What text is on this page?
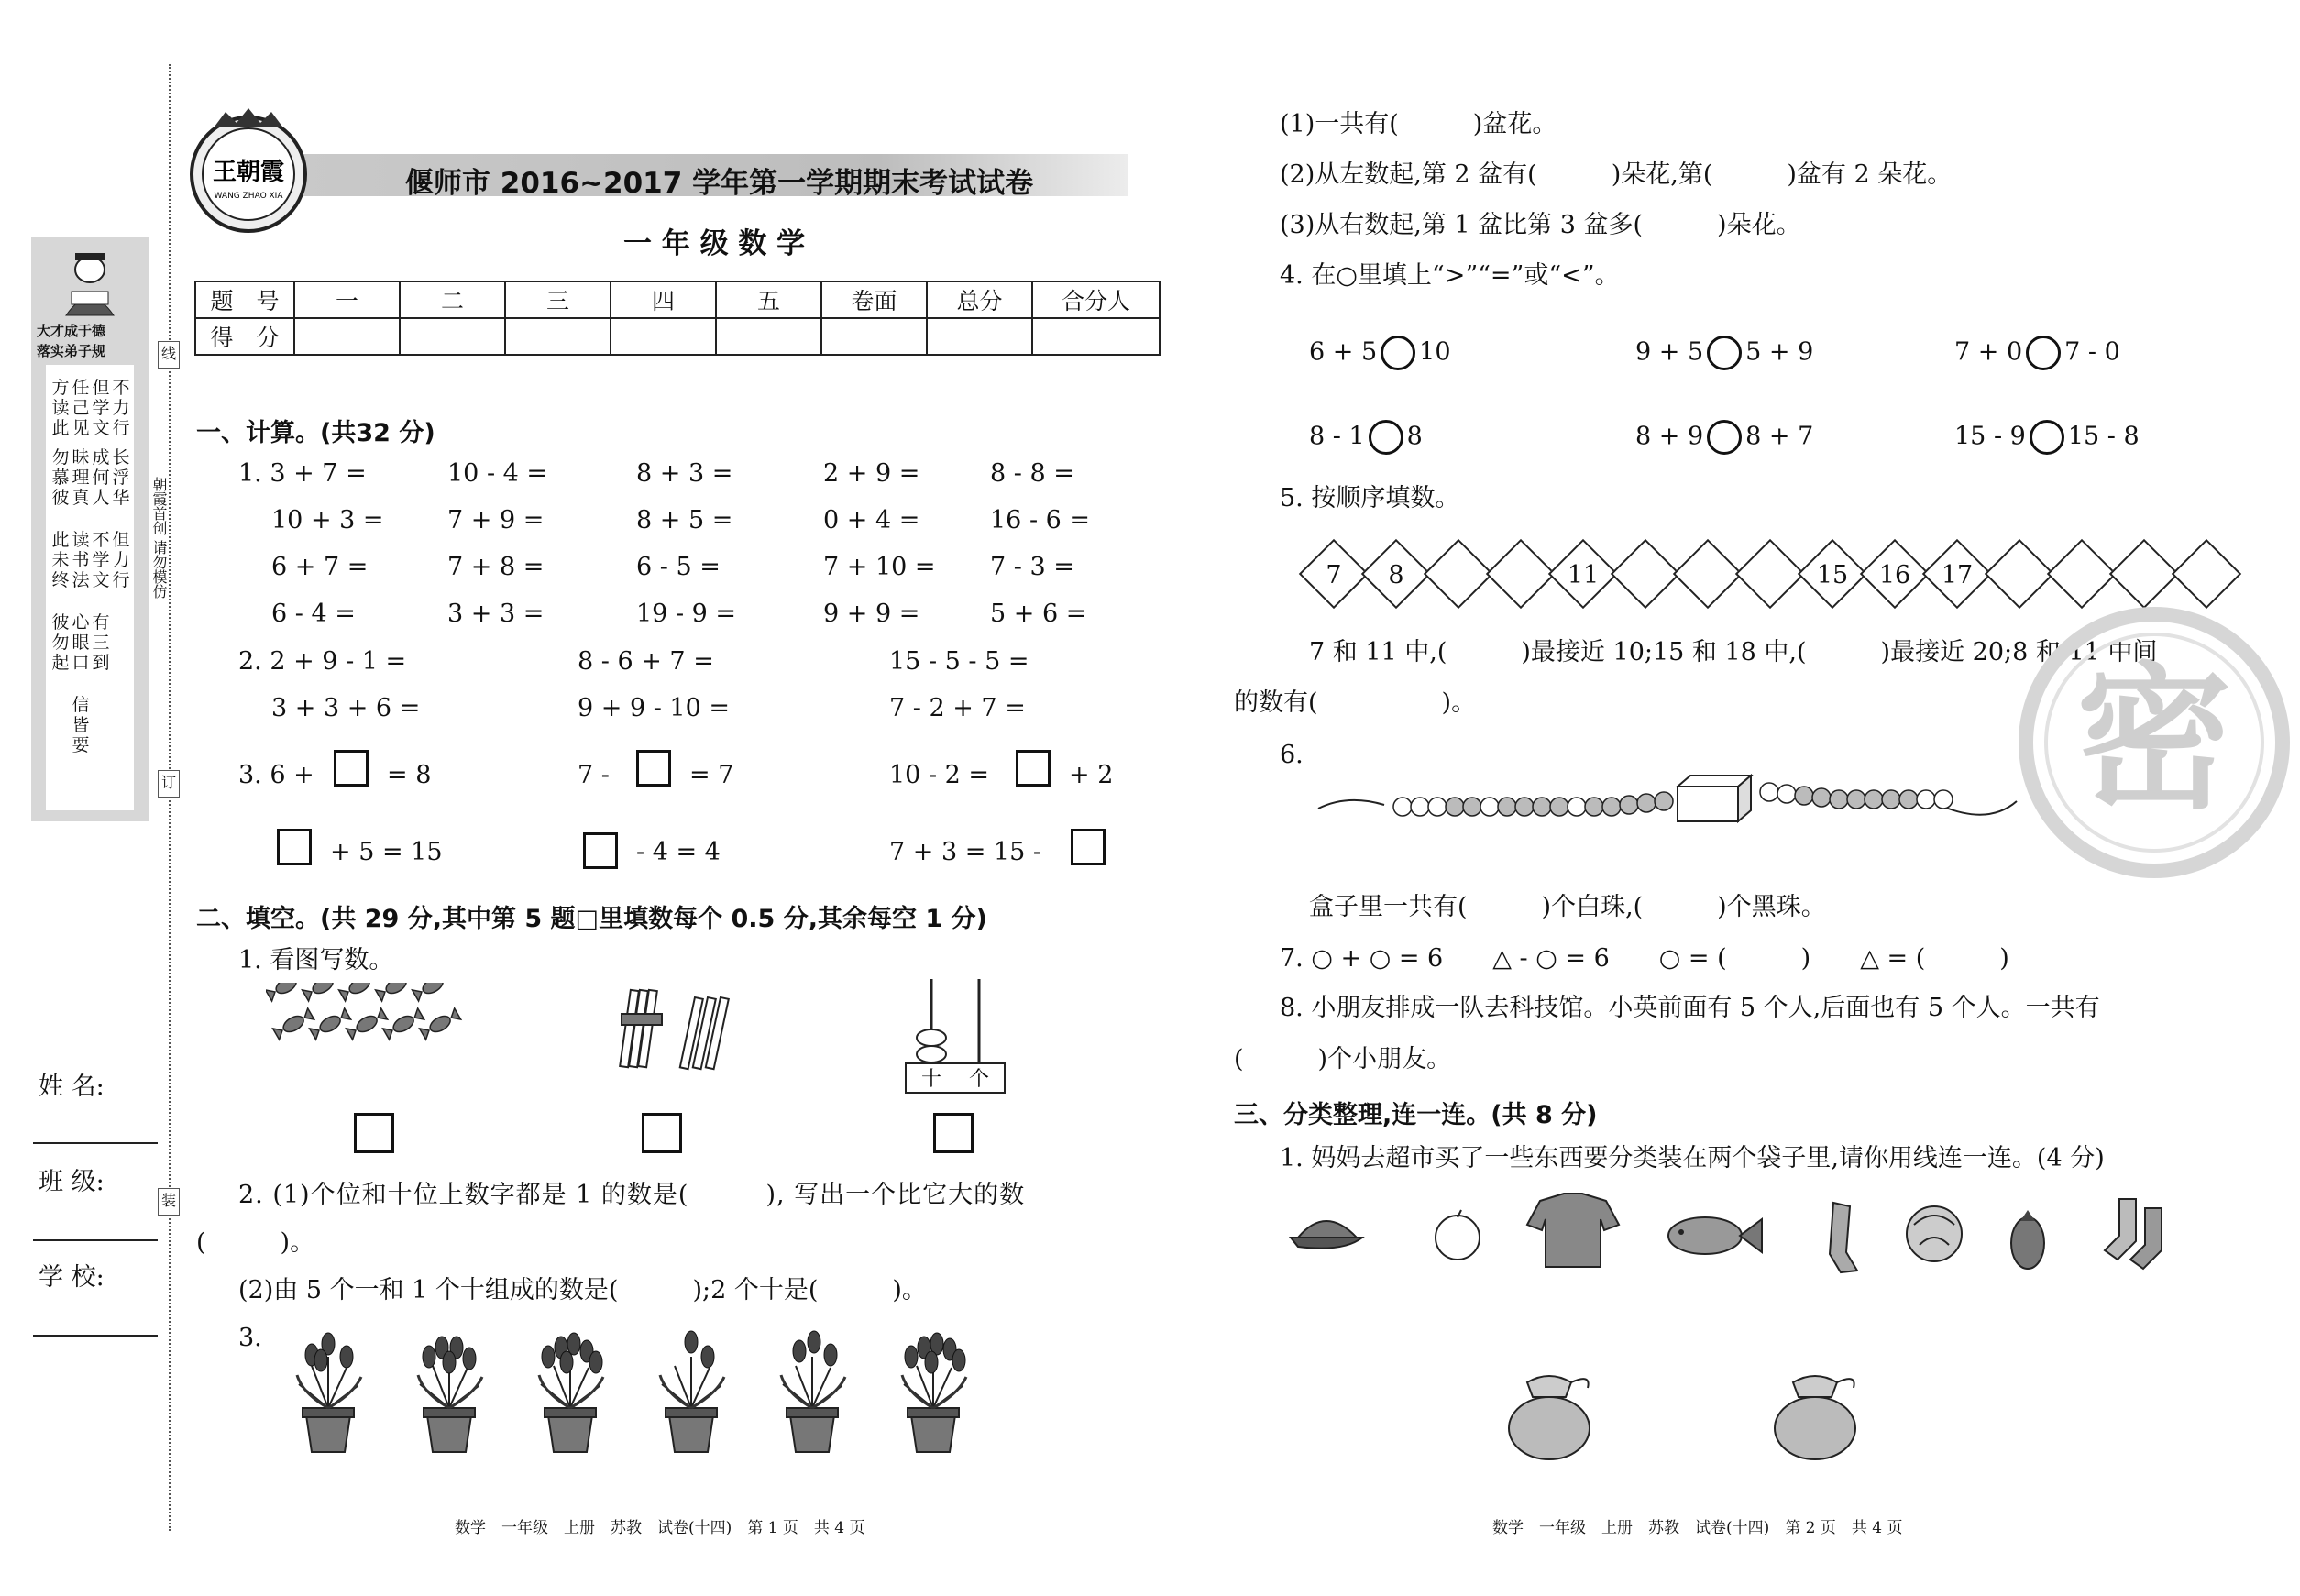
线
订
装
朝霞首创 请勿模仿
大才成于德
落实弟子规
不力行
但学文
长浮华
成何人
但力行
不学文
任己见
昧理真
读书法
有三到
心眼口
信皆要
方读此
勿慕彼
此未终
彼勿起
姓 名:
班 级:
学 校:
王朝霞
WANG ZHAO XIA	偃师市 2016~2017 学年第一学期期末考试试卷
一 年 级 数 学
题　号	一	二	三	四	五	卷面	总分	合分人
得　分								
一、计算。(共32 分)
1. 3 + 7 =	10 - 4 =	8 + 3 =	2 + 9 =	8 - 8 =
10 + 3 =	7 + 9 =	8 + 5 =	0 + 4 =	16 - 6 =
6 + 7 =	7 + 8 =	6 - 5 =	7 + 10 = 7 - 3 =
6 - 4 =	3 + 3 =	19 - 9 =	9 + 9 =	5 + 6 =
2. 2 + 9 - 1 =	8 - 6 + 7 =	15 - 5 - 5 =
3 + 3 + 6 =	9 + 9 - 10 =	7 - 2 + 7 =
3. 6 +	= 8	7 -	= 7	10 - 2 =	+ 2
+ 5 = 15	- 4 = 4	7 + 3 = 15 -
二、填空。(共 29 分,其中第 5 题□里填数每个 0.5 分,其余每空 1 分)
1. 看图写数。
十 个
2. (1)个位和十位上数字都是 1 的数是(　　　), 写出一个比它大的数
(　　　)。
(2)由 5 个一和 1 个十组成的数是(　　　);2 个十是(　　　)。
3.
(1)一共有(　　　)盆花。
(2)从左数起,第 2 盆有(　　　)朵花,第(　　　)盆有 2 朵花。
(3)从右数起,第 1 盆比第 3 盆多(　　　)朵花。
4. 在○里填上“>”“=”或“<”。
6 + 5 10	9 + 5 5 + 9	7 + 0 7 - 0
8 - 1 8	8 + 9 8 + 7	15 - 9 15 - 8
5. 按顺序填数。
7	8	11	15	16	17
7 和 11 中,(　　　)最接近 10;15 和 18 中,(　　　)最接近 20;8 和 11 中间
的数有(　　　　　)。
6.
盒子里一共有(　　　)个白珠,(　　　)个黑珠。
7. ○ + ○ = 6　　△ - ○ = 6　　○ = (　　　)　　△ = (　　　)
8. 小朋友排成一队去科技馆。小英前面有 5 个人,后面也有 5 个人。一共有
(　　　)个小朋友。
三、分类整理,连一连。(共 8 分)
1. 妈妈去超市买了一些东西要分类装在两个袋子里,请你用线连一连。(4 分)
密
数学　一年级　上册　苏教　试卷(十四)　第 1 页　共 4 页	数学　一年级　上册　苏教　试卷(十四)　第 2 页　共 4 页
